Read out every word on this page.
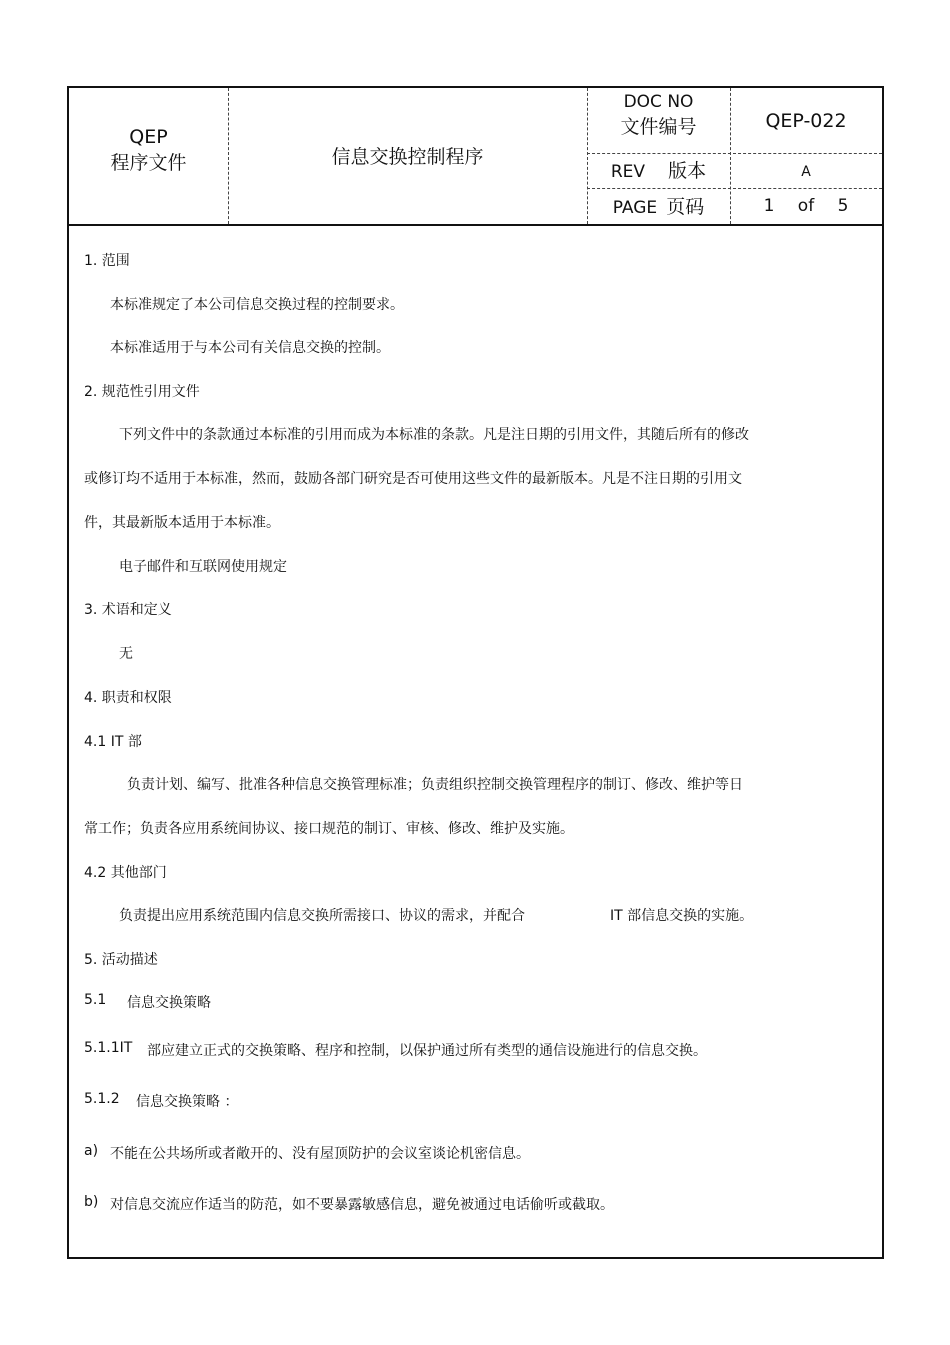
QEP
程序文件	信息交换控制程序
DOC NO
文件编号	QEP-022
REV 版本	A
PAGE 页码	1 of 5
1. 范围
本标准规定了本公司信息交换过程的控制要求。
本标准适用于与本公司有关信息交换的控制。
2. 规范性引用文件
下列文件中的条款通过本标准的引用而成为本标准的条款。凡是注日期的引用文件，其随后所有的修改
或修订均不适用于本标准，然而，鼓励各部门研究是否可使用这些文件的最新版本。凡是不注日期的引用文
件，其最新版本适用于本标准。
电子邮件和互联网使用规定
3. 术语和定义
无
4. 职责和权限
4.1 IT 部
负责计划、编写、批准各种信息交换管理标准；负责组织控制交换管理程序的制订、修改、维护等日
常工作；负责各应用系统间协议、接口规范的制订、审核、修改、维护及实施。
4.2 其他部门
负责提出应用系统范围内信息交换所需接口、协议的需求，并配合	IT 部信息交换的实施。
5. 活动描述
5.1 信息交换策略
5.1.1IT 部应建立正式的交换策略、程序和控制，以保护通过所有类型的通信设施进行的信息交换。
5.1.2 信息交换策略 ：
a) 不能在公共场所或者敞开的、没有屋顶防护的会议室谈论机密信息。
b) 对信息交流应作适当的防范，如不要暴露敏感信息，避免被通过电话偷听或截取。
